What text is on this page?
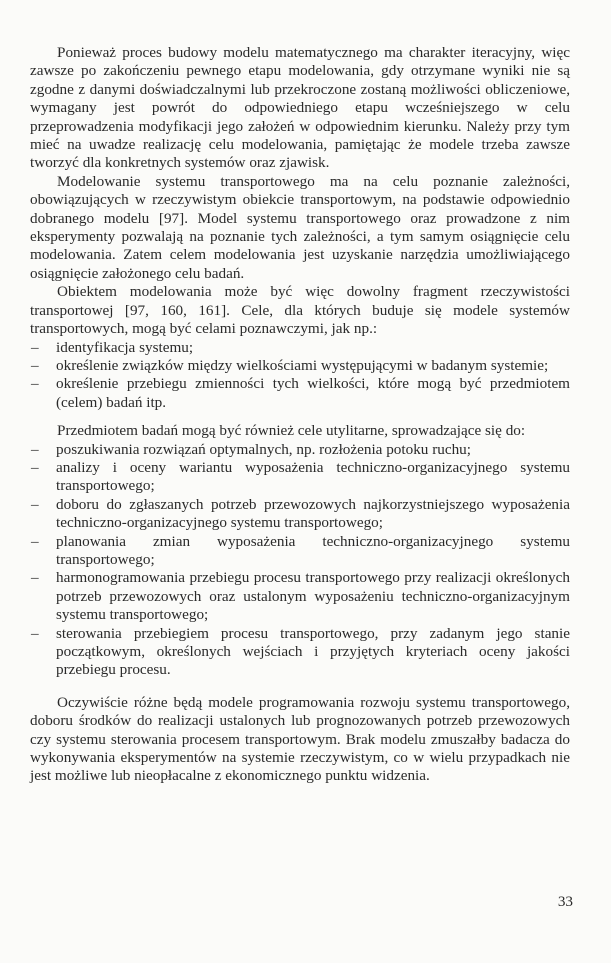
Ponieważ proces budowy modelu matematycznego ma charakter iteracyjny, więc zawsze po zakończeniu pewnego etapu modelowania, gdy otrzymane wyniki nie są zgodne z danymi doświadczalnymi lub przekroczone zostaną możliwości obliczeniowe, wymagany jest powrót do odpowiedniego etapu wcześniejszego w celu przeprowadzenia modyfikacji jego założeń w odpowiednim kierunku. Należy przy tym mieć na uwadze realizację celu modelowania, pamiętając że modele trzeba zawsze tworzyć dla konkretnych systemów oraz zjawisk.

Modelowanie systemu transportowego ma na celu poznanie zależności, obowiązujących w rzeczywistym obiekcie transportowym, na podstawie odpowiednio dobranego modelu [97]. Model systemu transportowego oraz prowadzone z nim eksperymenty pozwalają na poznanie tych zależności, a tym samym osiągnięcie celu modelowania. Zatem celem modelowania jest uzyskanie narzędzia umożliwiającego osiągnięcie założonego celu badań.

Obiektem modelowania może być więc dowolny fragment rzeczywistości transportowej [97, 160, 161]. Cele, dla których buduje się modele systemów transportowych, mogą być celami poznawczymi, jak np.:

– identyfikacja systemu;
– określenie związków między wielkościami występującymi w badanym systemie;
– określenie przebiegu zmienności tych wielkości, które mogą być przedmiotem (celem) badań itp.

Przedmiotem badań mogą być również cele utylitarne, sprowadzające się do:

– poszukiwania rozwiązań optymalnych, np. rozłożenia potoku ruchu;
– analizy i oceny wariantu wyposażenia techniczno-organizacyjnego systemu transportowego;
– doboru do zgłaszanych potrzeb przewozowych najkorzystniejszego wyposażenia techniczno-organizacyjnego systemu transportowego;
– planowania zmian wyposażenia techniczno-organizacyjnego systemu transportowego;
– harmonogramowania przebiegu procesu transportowego przy realizacji określonych potrzeb przewozowych oraz ustalonym wyposażeniu techniczno-organizacyjnym systemu transportowego;
– sterowania przebiegiem procesu transportowego, przy zadanym jego stanie początkowym, określonych wejściach i przyjętych kryteriach oceny jakości przebiegu procesu.

Oczywiście różne będą modele programowania rozwoju systemu transportowego, doboru środków do realizacji ustalonych lub prognozowanych potrzeb przewozowych czy systemu sterowania procesem transportowym. Brak modelu zmuszałby badacza do wykonywania eksperymentów na systemie rzeczywistym, co w wielu przypadkach nie jest możliwe lub nieopłacalne z ekonomicznego punktu widzenia.

33
